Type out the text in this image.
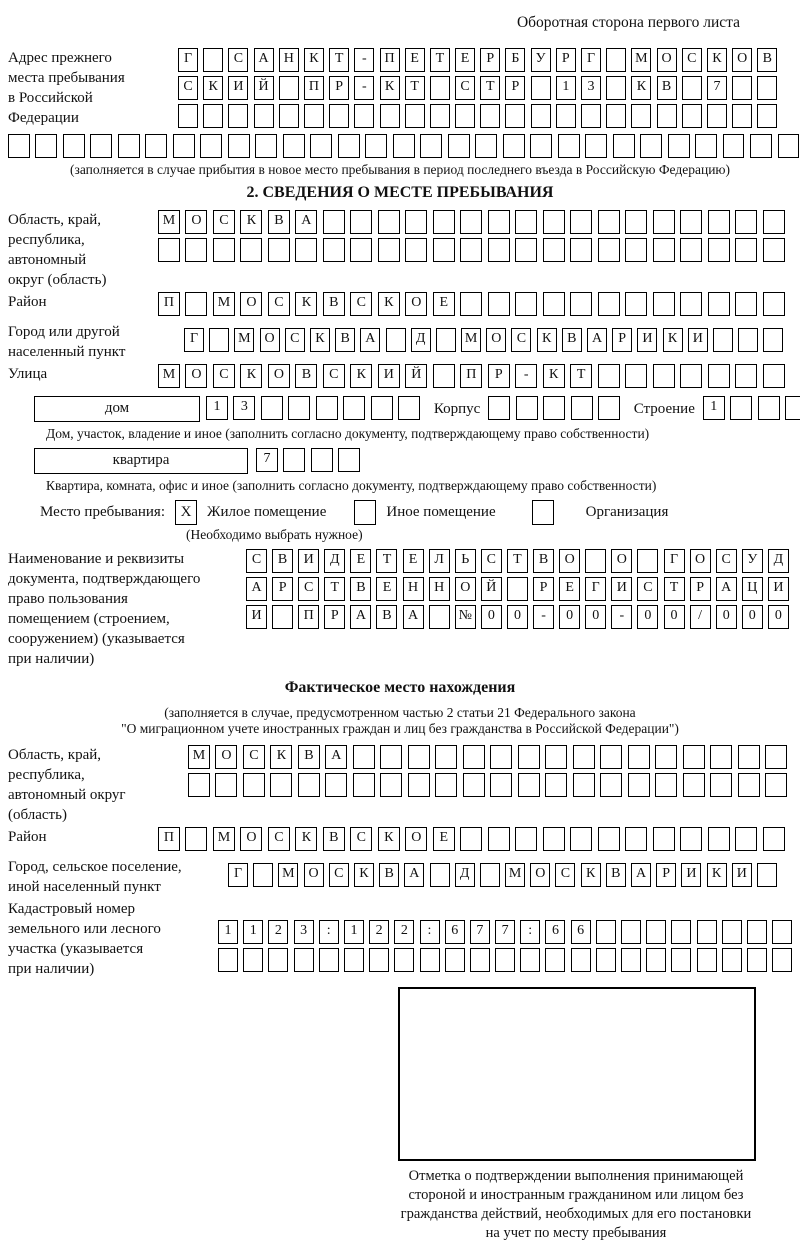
Оборотная сторона первого листа
Адрес прежнего
места пребывания
в Российской
Федерации
Г	С	А	Н	К	Т	-	П	Е	Т	Е	Р	Б	У	Р	Г	М О	С	К	О	В
С	К	И	Й	П	Р	-	К	Т	С	Т	Р	1	3	К	В	7
(заполняется в случае прибытия в новое место пребывания в период последнего въезда в Российскую Федерацию)
2. СВЕДЕНИЯ О МЕСТЕ ПРЕБЫВАНИЯ
Область, край,
республика,
автономный
округ (область)
М	О	С	К	В	А
Район	П	М	О	С	К	В	С	К	О	Е
Город или другой
населенный пункт
Г	М О	С	К	В	А	Д	М О	С	К	В	А	Р	И	К	И
Улица	М	О	С	К	О	В	С	К	И	Й	П	Р	-	К	Т
дом	1	3	Корпус	Строение	1
Дом, участок, владение и иное (заполнить согласно документу, подтверждающему право собственности)
квартира	7
Квартира, комната, офис и иное (заполнить согласно документу, подтверждающему право собственности)
Место пребывания:	X	Жилое помещение	Иное помещение	Организация
(Необходимо выбрать нужное)
Наименование и реквизиты
документа, подтверждающего
право пользования
помещением (строением,
сооружением) (указывается
при наличии)
С	В	И	Д	Е	Т	Е	Л	Ь	С	Т	В	О	О	Г	О	С	У	Д
А	Р	С	Т	В	Е	Н	Н	О	Й	Р	Е	Г	И	С	Т	Р	А	Ц	И
И	П	Р	А	В	А	№	0	0	-	0	0	-	0	0	/	0	0	0
Фактическое место нахождения
(заполняется в случае, предусмотренном частью 2 статьи 21 Федерального закона
"О миграционном учете иностранных граждан и лиц без гражданства в Российской Федерации")
Область, край,
республика,
автономный округ
(область)
М	О	С	К	В	А
Район	П	М	О	С	К	В	С	К	О	Е
Город, сельское поселение,
иной населенный пункт
Г	М О	С	К	В	А	Д	М О	С	К	В	А	Р	И	К	И
Кадастровый номер
земельного или лесного
участка (указывается
при наличии)
1	1	2	3	:	1	2	2	:	6	7	7	:	6	6
Отметка о подтверждении выполнения принимающей
стороной и иностранным гражданином или лицом без
гражданства действий, необходимых для его постановки
на учет по месту пребывания
